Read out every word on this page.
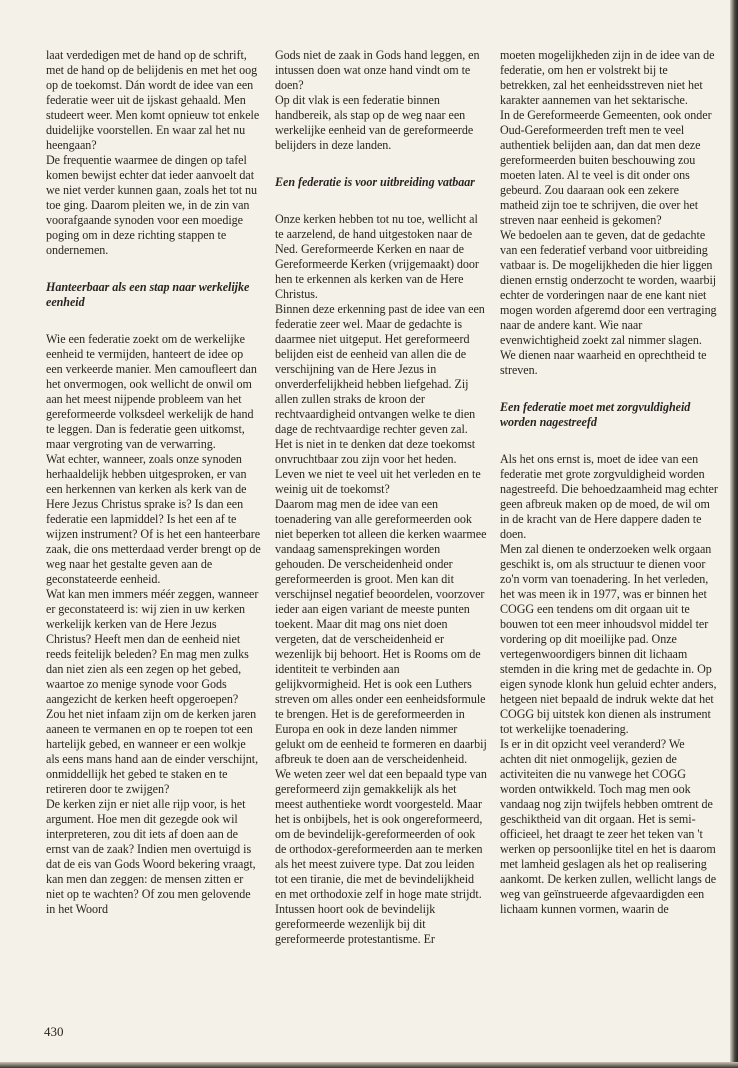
laat verdedigen met de hand op de schrift, met de hand op de belijdenis en met het oog op de toekomst. Dán wordt de idee van een federatie weer uit de ijskast gehaald. Men studeert weer. Men komt opnieuw tot enkele duidelijke voorstellen. En waar zal het nu heengaan?

De frequentie waarmee de dingen op tafel komen bewijst echter dat ieder aanvoelt dat we niet verder kunnen gaan, zoals het tot nu toe ging. Daarom pleiten we, in de zin van voorafgaande synoden voor een moedige poging om in deze richting stappen te ondernemen.

Hanteerbaar als een stap naar werkelijke eenheid

Wie een federatie zoekt om de werkelijke eenheid te vermijden, hanteert de idee op een verkeerde manier. Men camoufleert dan het onvermogen, ook wellicht de onwil om aan het meest nijpende probleem van het gereformeerde volksdeel werkelijk de hand te leggen. Dan is federatie geen uitkomst, maar vergroting van de verwarring.

Wat echter, wanneer, zoals onze synoden herhaaldelijk hebben uitgesproken, er van een herkennen van kerken als kerk van de Here Jezus Christus sprake is? Is dan een federatie een lapmiddel? Is het een af te wijzen instrument? Of is het een hanteerbare zaak, die ons metterdaad verder brengt op de weg naar het gestalte geven aan de geconstateerde eenheid.

Wat kan men immers méér zeggen, wanneer er geconstateerd is: wij zien in uw kerken werkelijk kerken van de Here Jezus Christus? Heeft men dan de eenheid niet reeds feitelijk beleden? En mag men zulks dan niet zien als een zegen op het gebed, waartoe zo menige synode voor Gods aangezicht de kerken heeft opgeroepen?

Zou het niet infaam zijn om de kerken jaren aaneen te vermanen en op te roepen tot een hartelijk gebed, en wanneer er een wolkje als eens mans hand aan de einder verschijnt, onmiddellijk het gebed te staken en te retireren door te zwijgen?

De kerken zijn er niet alle rijp voor, is het argument. Hoe men dit gezegde ook wil interpreteren, zou dit iets af doen aan de ernst van de zaak? Indien men overtuigd is dat de eis van Gods Woord bekering vraagt, kan men dan zeggen: de mensen zitten er niet op te wachten? Of zou men gelovende in het Woord

Gods niet de zaak in Gods hand leggen, en intussen doen wat onze hand vindt om te doen?

Op dit vlak is een federatie binnen handbereik, als stap op de weg naar een werkelijke eenheid van de gereformeerde belijders in deze landen.

Een federatie is voor uitbreiding vatbaar

Onze kerken hebben tot nu toe, wellicht al te aarzelend, de hand uitgestoken naar de Ned. Gereformeerde Kerken en naar de Gereformeerde Kerken (vrijgemaakt) door hen te erkennen als kerken van de Here Christus.

Binnen deze erkenning past de idee van een federatie zeer wel. Maar de gedachte is daarmee niet uitgeput. Het gereformeerd belijden eist de eenheid van allen die de verschijning van de Here Jezus in onverderfelijkheid hebben liefgehad. Zij allen zullen straks de kroon der rechtvaardigheid ontvangen welke te dien dage de rechtvaardige rechter geven zal. Het is niet in te denken dat deze toekomst onvruchtbaar zou zijn voor het heden. Leven we niet te veel uit het verleden en te weinig uit de toekomst?

Daarom mag men de idee van een toenadering van alle gereformeerden ook niet beperken tot alleen die kerken waarmee vandaag samensprekingen worden gehouden. De verscheidenheid onder gereformeerden is groot. Men kan dit verschijnsel negatief beoordelen, voorzover ieder aan eigen variant de meeste punten toekent. Maar dit mag ons niet doen vergeten, dat de verscheidenheid er wezenlijk bij behoort. Het is Rooms om de identiteit te verbinden aan gelijkvormigheid. Het is ook een Luthers streven om alles onder een eenheidsformule te brengen. Het is de gereformeerden in Europa en ook in deze landen nimmer gelukt om de eenheid te formeren en daarbij afbreuk te doen aan de verscheidenheid.

We weten zeer wel dat een bepaald type van gereformeerd zijn gemakkelijk als het meest authentieke wordt voorgesteld. Maar het is onbijbels, het is ook ongereformeerd, om de bevindelijk-gereformeerden of ook de orthodox-gereformeerden aan te merken als het meest zuivere type. Dat zou leiden tot een tiranie, die met de bevindelijkheid en met orthodoxie zelf in hoge mate strijdt. Intussen hoort ook de bevindelijk gereformeerde wezenlijk bij dit gereformeerde protestantisme. Er

moeten mogelijkheden zijn in de idee van de federatie, om hen er volstrekt bij te betrekken, zal het eenheidsstreven niet het karakter aannemen van het sektarische.

In de Gereformeerde Gemeenten, ook onder Oud-Gereformeerden treft men te veel authentiek belijden aan, dan dat men deze gereformeerden buiten beschouwing zou moeten laten. Al te veel is dit onder ons gebeurd. Zou daaraan ook een zekere matheid zijn toe te schrijven, die over het streven naar eenheid is gekomen?

We bedoelen aan te geven, dat de gedachte van een federatief verband voor uitbreiding vatbaar is. De mogelijkheden die hier liggen dienen ernstig onderzocht te worden, waarbij echter de vorderingen naar de ene kant niet mogen worden afgeremd door een vertraging naar de andere kant. Wie naar evenwichtigheid zoekt zal nimmer slagen. We dienen naar waarheid en oprechtheid te streven.

Een federatie moet met zorgvuldigheid worden nagestreefd

Als het ons ernst is, moet de idee van een federatie met grote zorgvuldigheid worden nagestreefd. Die behoedzaamheid mag echter geen afbreuk maken op de moed, de wil om in de kracht van de Here dappere daden te doen.

Men zal dienen te onderzoeken welk orgaan geschikt is, om als structuur te dienen voor zo'n vorm van toenadering. In het verleden, het was meen ik in 1977, was er binnen het COGG een tendens om dit orgaan uit te bouwen tot een meer inhoudsvol middel ter vordering op dit moeilijke pad. Onze vertegenwoordigers binnen dit lichaam stemden in die kring met de gedachte in. Op eigen synode klonk hun geluid echter anders, hetgeen niet bepaald de indruk wekte dat het COGG bij uitstek kon dienen als instrument tot werkelijke toenadering.

Is er in dit opzicht veel veranderd? We achten dit niet onmogelijk, gezien de activiteiten die nu vanwege het COGG worden ontwikkeld. Toch mag men ook vandaag nog zijn twijfels hebben omtrent de geschiktheid van dit orgaan. Het is semi-officieel, het draagt te zeer het teken van 't werken op persoonlijke titel en het is daarom met lamheid geslagen als het op realisering aankomt. De kerken zullen, wellicht langs de weg van geïnstrueerde afgevaardigden een lichaam kunnen vormen, waarin de

430
